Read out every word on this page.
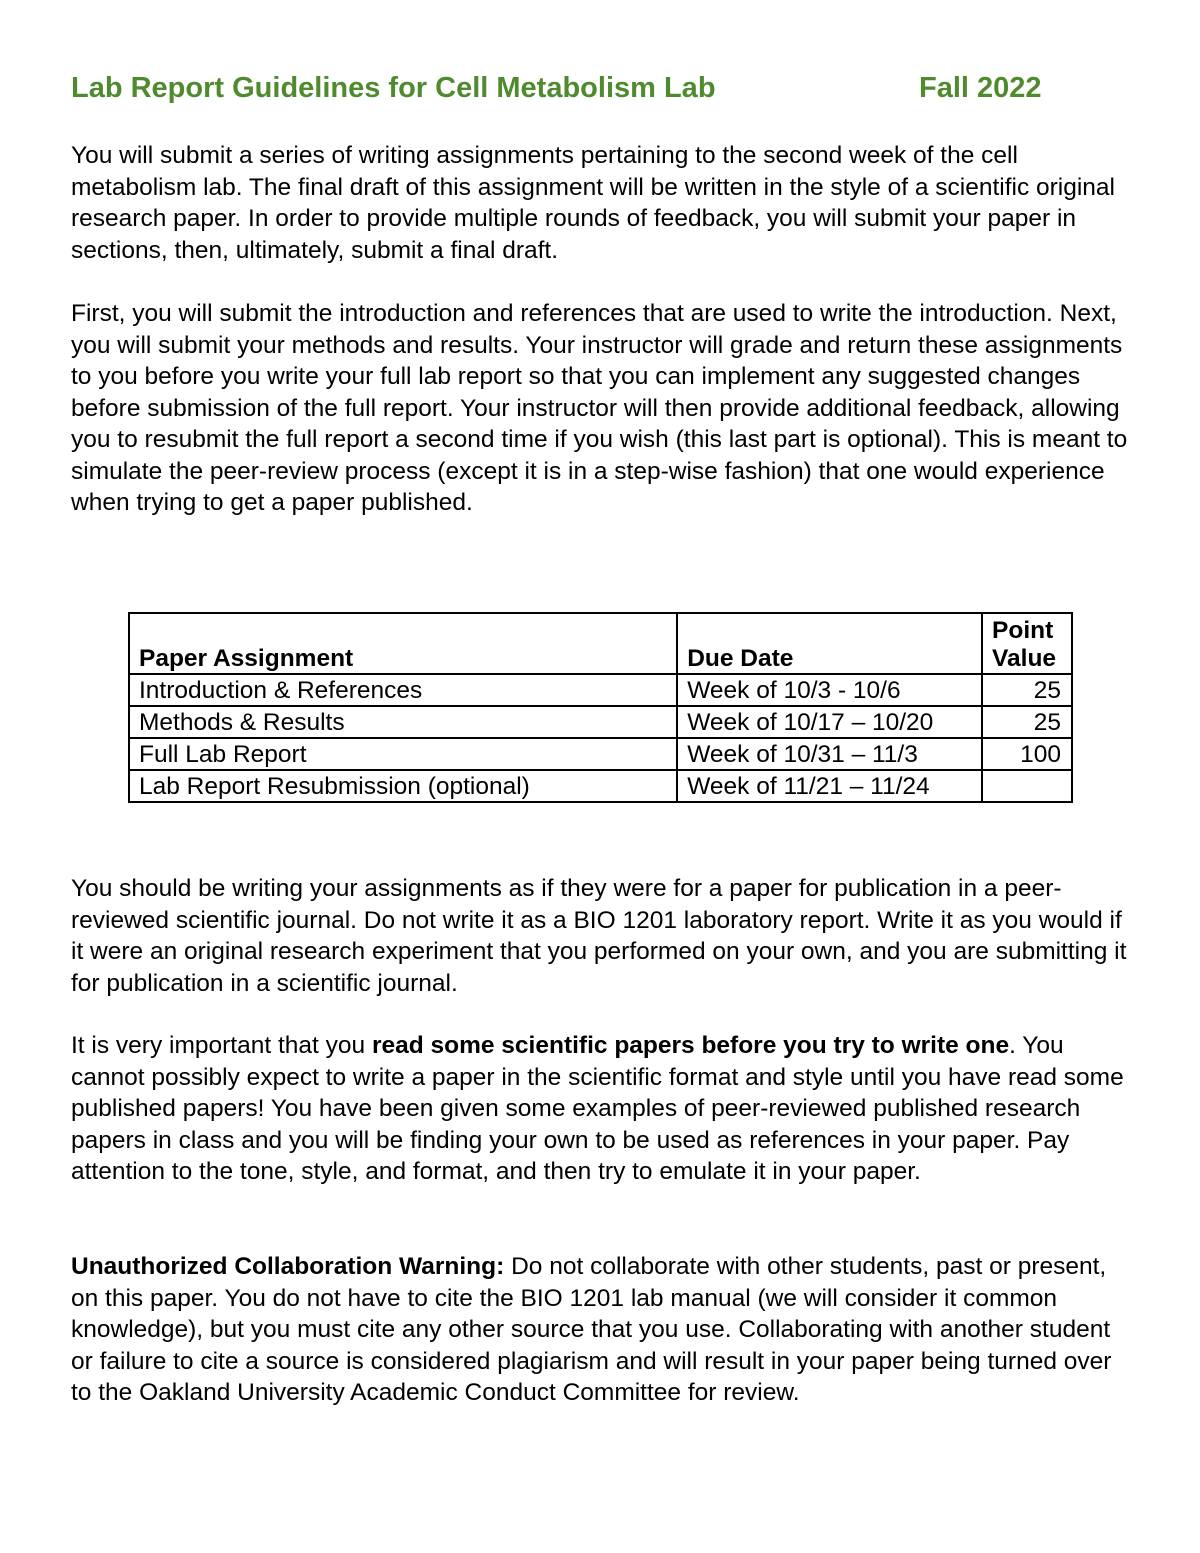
Lab Report Guidelines for Cell Metabolism Lab	Fall 2022

You will submit a series of writing assignments pertaining to the second week of the cell metabolism lab. The final draft of this assignment will be written in the style of a scientific original research paper. In order to provide multiple rounds of feedback, you will submit your paper in sections, then, ultimately, submit a final draft.

First, you will submit the introduction and references that are used to write the introduction. Next, you will submit your methods and results. Your instructor will grade and return these assignments to you before you write your full lab report so that you can implement any suggested changes before submission of the full report. Your instructor will then provide additional feedback, allowing you to resubmit the full report a second time if you wish (this last part is optional). This is meant to simulate the peer-review process (except it is in a step-wise fashion) that one would experience when trying to get a paper published.

Paper Assignment	Due Date	Point
Value
Introduction & References	Week of 10/3 - 10/6	25
Methods & Results	Week of 10/17 – 10/20	25
Full Lab Report	Week of 10/31 – 11/3	100
Lab Report Resubmission (optional)	Week of 11/21 – 11/24	

You should be writing your assignments as if they were for a paper for publication in a peer-reviewed scientific journal. Do not write it as a BIO 1201 laboratory report. Write it as you would if it were an original research experiment that you performed on your own, and you are submitting it for publication in a scientific journal.

It is very important that you read some scientific papers before you try to write one. You cannot possibly expect to write a paper in the scientific format and style until you have read some published papers! You have been given some examples of peer-reviewed published research papers in class and you will be finding your own to be used as references in your paper. Pay attention to the tone, style, and format, and then try to emulate it in your paper.

Unauthorized Collaboration Warning: Do not collaborate with other students, past or present, on this paper. You do not have to cite the BIO 1201 lab manual (we will consider it common knowledge), but you must cite any other source that you use. Collaborating with another student or failure to cite a source is considered plagiarism and will result in your paper being turned over to the Oakland University Academic Conduct Committee for review.
